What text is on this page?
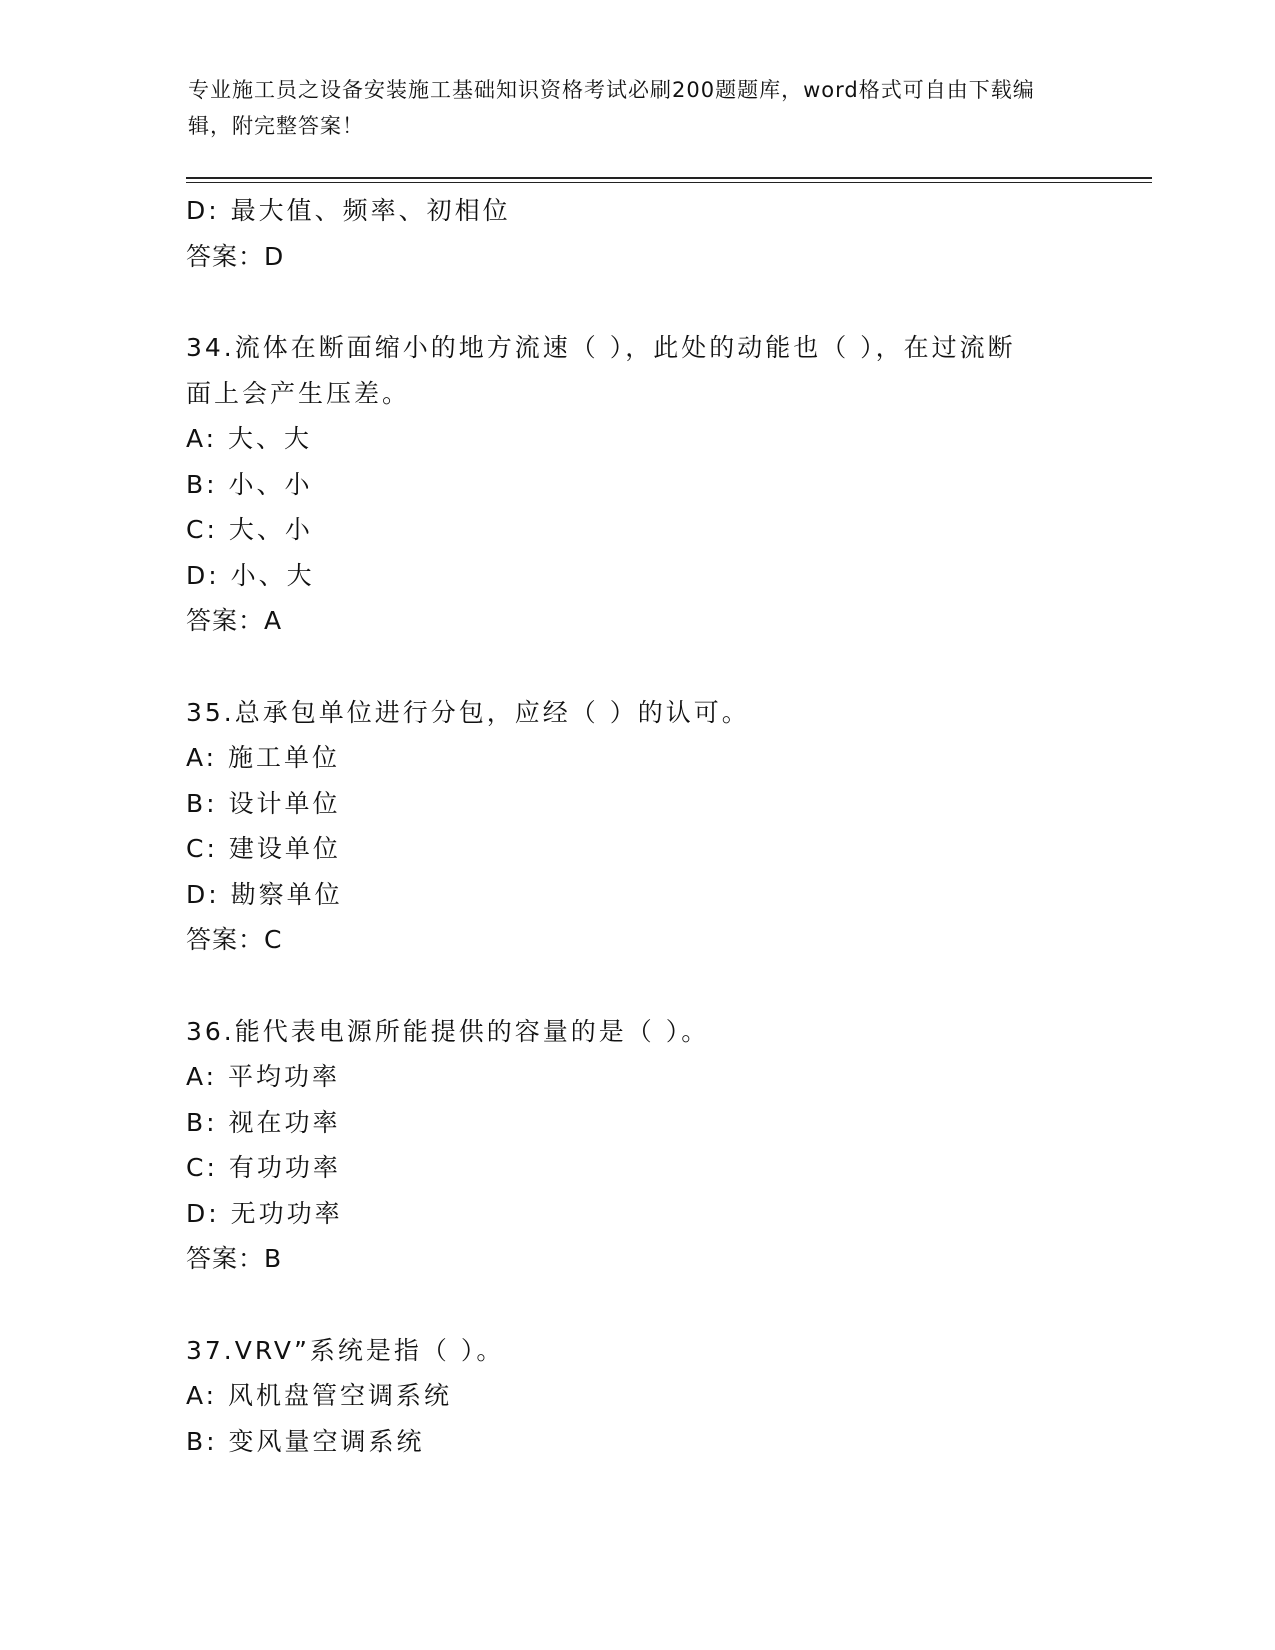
专业施工员之设备安装施工基础知识资格考试必刷200题题库，word格式可自由下载编辑，附完整答案！
D: 最大值、频率、初相位
答案：D
34.流体在断面缩小的地方流速（ ），此处的动能也（ ），在过流断
面上会产生压差。
A: 大、大
B: 小、小
C: 大、小
D: 小、大
答案：A
35.总承包单位进行分包，应经（ ）的认可。
A: 施工单位
B: 设计单位
C: 建设单位
D: 勘察单位
答案：C
36.能代表电源所能提供的容量的是（ ）。
A: 平均功率
B: 视在功率
C: 有功功率
D: 无功功率
答案：B
37.VRV”系统是指（ ）。
A: 风机盘管空调系统
B: 变风量空调系统
